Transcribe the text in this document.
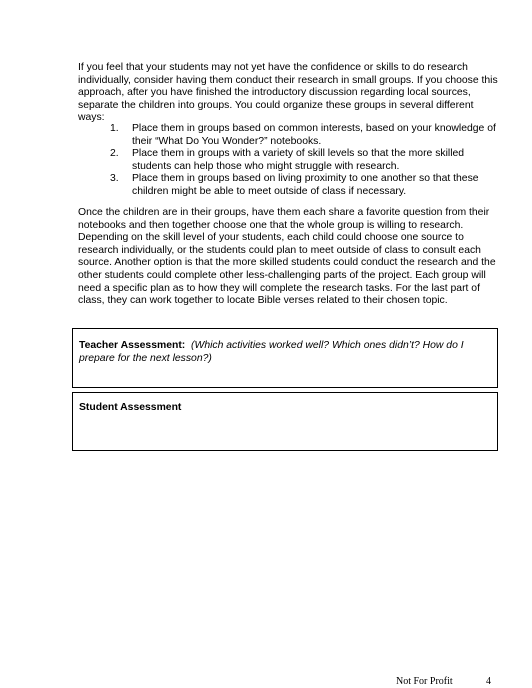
If you feel that your students may not yet have the confidence or skills to do research individually, consider having them conduct their research in small groups. If you choose this approach, after you have finished the introductory discussion regarding local sources, separate the children into groups. You could organize these groups in several different ways:

1. Place them in groups based on common interests, based on your knowledge of their “What Do You Wonder?” notebooks.
2. Place them in groups with a variety of skill levels so that the more skilled students can help those who might struggle with research.
3. Place them in groups based on living proximity to one another so that these children might be able to meet outside of class if necessary.

Once the children are in their groups, have them each share a favorite question from their notebooks and then together choose one that the whole group is willing to research. Depending on the skill level of your students, each child could choose one source to research individually, or the students could plan to meet outside of class to consult each source. Another option is that the more skilled students could conduct the research and the other students could complete other less-challenging parts of the project. Each group will need a specific plan as to how they will complete the research tasks. For the last part of class, they can work together to locate Bible verses related to their chosen topic.

Teacher Assessment: (Which activities worked well? Which ones didn’t? How do I prepare for the next lesson?)
Student Assessment
Not For Profit	4
